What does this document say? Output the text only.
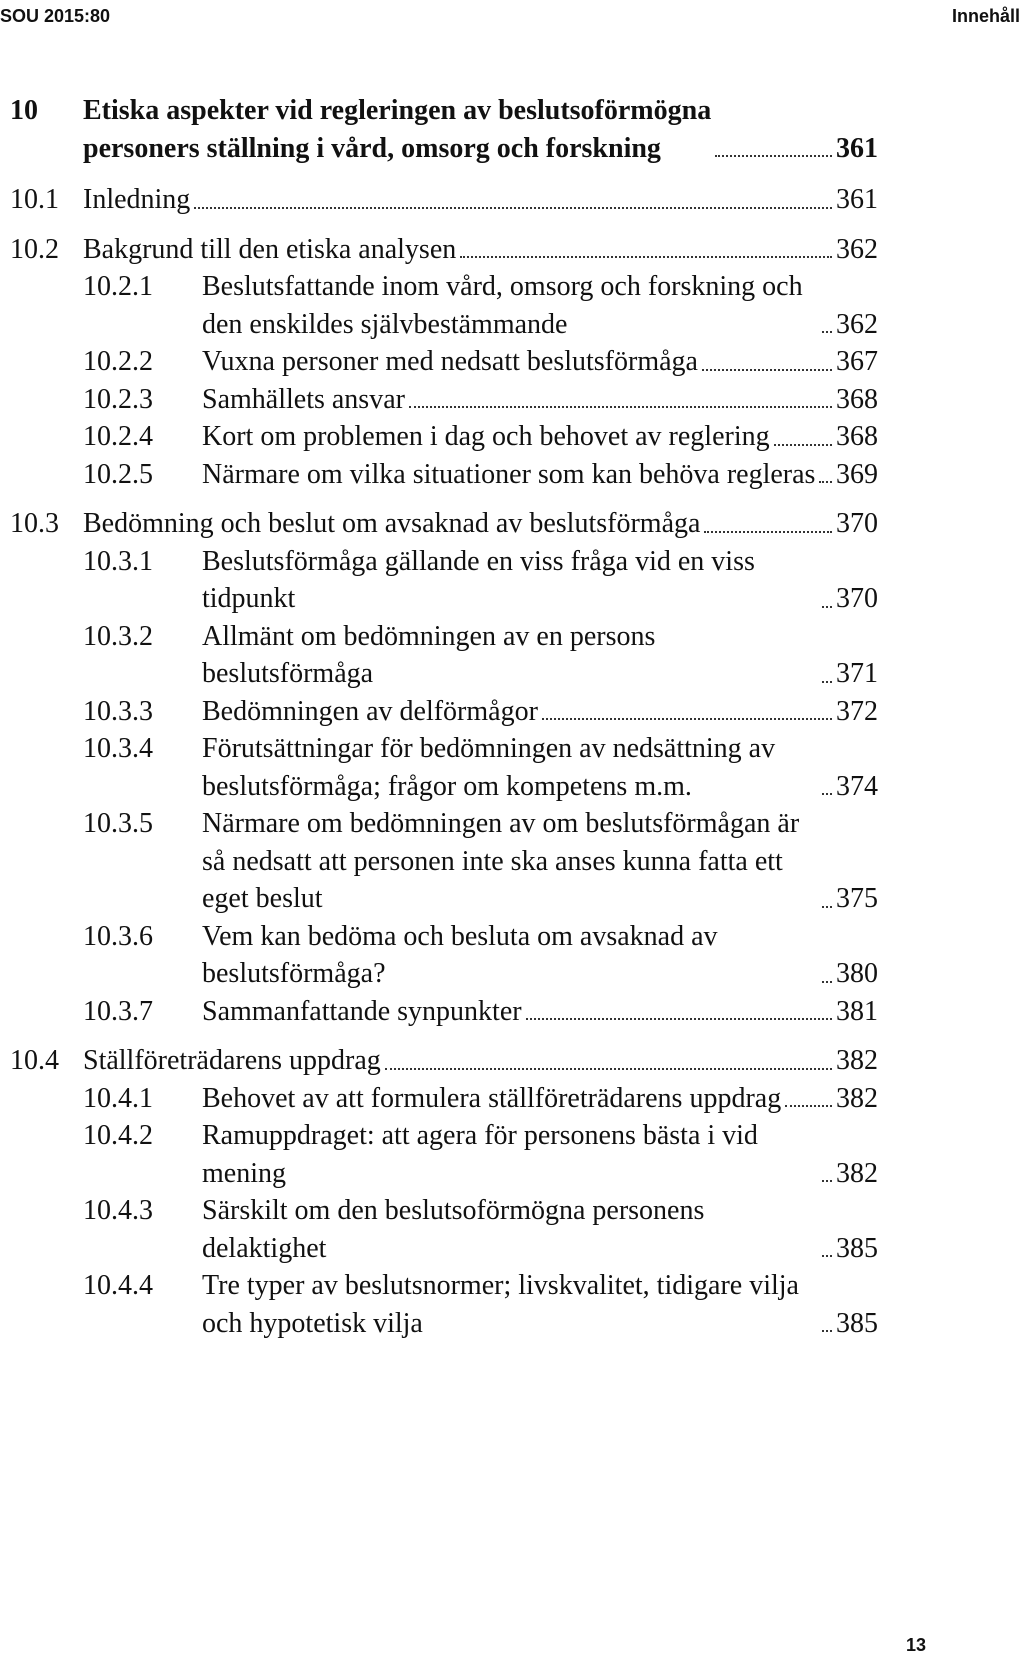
SOU 2015:80	Innehåll
10	Etiska aspekter vid regleringen av beslutsoförmögna
personers ställning i vård, omsorg och forskning	361
10.1 Inledning	361
10.2 Bakgrund till den etiska analysen	362
10.2.1	Beslutsfattande inom vård, omsorg och forskning och den enskildes självbestämmande	362
10.2.2	Vuxna personer med nedsatt beslutsförmåga	367
10.2.3	Samhällets ansvar	368
10.2.4	Kort om problemen i dag och behovet av reglering 368
10.2.5	Närmare om vilka situationer som kan behöva regleras 369
10.3 Bedömning och beslut om avsaknad av beslutsförmåga	370
10.3.1	Beslutsförmåga gällande en viss fråga vid en viss tidpunkt	370
10.3.2	Allmänt om bedömningen av en persons beslutsförmåga	371
10.3.3	Bedömningen av delförmågor	372
10.3.4	Förutsättningar för bedömningen av nedsättning av beslutsförmåga; frågor om kompetens m.m.	374
10.3.5	Närmare om bedömningen av om beslutsförmågan är så nedsatt att personen inte ska anses kunna fatta ett eget beslut	375
10.3.6	Vem kan bedöma och besluta om avsaknad av beslutsförmåga?	380
10.3.7	Sammanfattande synpunkter	381
10.4 Ställföreträdarens uppdrag	382
10.4.1	Behovet av att formulera ställföreträdarens uppdrag 382
10.4.2	Ramuppdraget: att agera för personens bästa i vid mening	382
10.4.3	Särskilt om den beslutsoförmögna personens delaktighet	385
10.4.4	Tre typer av beslutsnormer; livskvalitet, tidigare vilja och hypotetisk vilja	385
13
